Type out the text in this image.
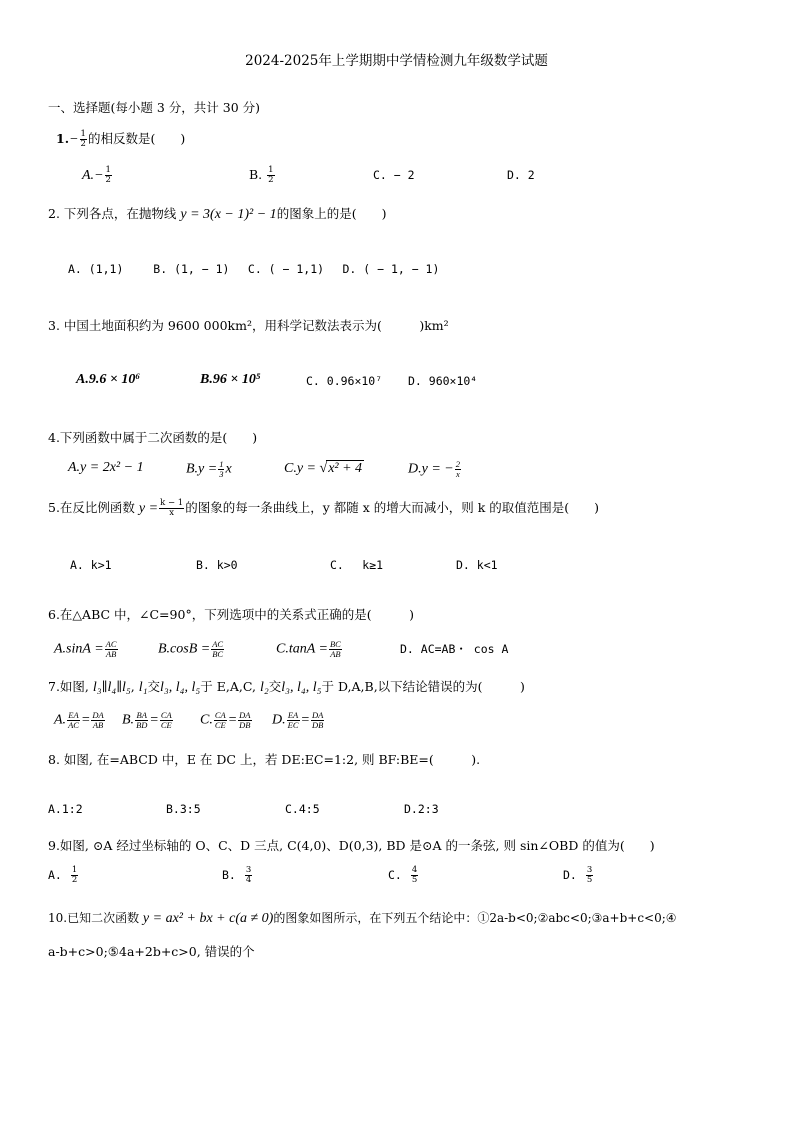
2024-2025年上学期期中学情检测九年级数学试题
一、选择题(每小题 3 分，共计 30 分)
$1.- \frac{1}{2}$ 的相反数是(　　)
$A.- \frac{1}{2}$	B. $\frac{1}{2}$	C. − 2	D. 2
2. 下列各点，在抛物线 y = 3(x − 1)² − 1的图象上的是(　　)
A. (1,1)　　 B. (1, − 1)　 C. ( − 1,1)　 D. ( − 1, − 1)
3. 中国土地面积约为 9600 000km²，用科学记数法表示为(　　　)km²
A.9.6 × 10⁶	B.96 × 10⁵	C. 0.96×10⁷ D. 960×10⁴
4.下列函数中属于二次函数的是(　　)
A.y = 2x² − 1	$B.y = \frac{1}{3}$ x	C.y = √x² + 4	D.y = − $\frac{2}{x}$
5.在反比例函数 $y = \frac{k - 1}{x}$ 的图象的每一条曲线上，y 都随 x 的增大而减小，则 k 的取值范围是(　　)
A. k>1	B. k>0	C. 　k≥1	D. k<1
6.在△ABC 中，∠C=90°，下列选项中的关系式正确的是(　　　)
$A.\sin A = \frac{AC}{AB}$	$B.\cos B = \frac{AC}{BC}$	$C.\tan A = \frac{BC}{AB}$	D. AC=AB・ cos A
7.如图, l₃∥l₄∥l₅, l₁交l₃, l₄, l₅于 E,A,C, l₂交l₃, l₄, l₅于 D,A,B,以下结论错误的为(　　　)
A. $\frac{EA}{AC} = \frac{DA}{AB} B$. $\frac{BA}{BD} = \frac{CA}{CE} C$. $\frac{CA}{CE} = \frac{DA}{DB} D$. $\frac{EA}{EC} = \frac{DA}{DB}$
8. 如图, 在=ABCD 中，E 在 DC 上，若 DE:EC=1:2, 则 BF:BE=(　　　).
A.1:2	B.3:5	C.4:5	D.2:3
9.如图, ⊙A 经过坐标轴的 O、C、D 三点, C(4,0)、D(0,3), BD 是⊙A 的一条弦, 则 sin∠OBD 的值为(　　)
A. $\frac{1}{2}$	B. $\frac{3}{4}$	C. $\frac{4}{5}$	D. $\frac{3}{5}$
10.已知二次函数 y = ax² + bx + c(a ≠ 0)的图象如图所示，在下列五个结论中：①2a-b<0;②abc<0;③a+b+c<0;④
a-b+c>0;⑤4a+2b+c>0, 错误的个
